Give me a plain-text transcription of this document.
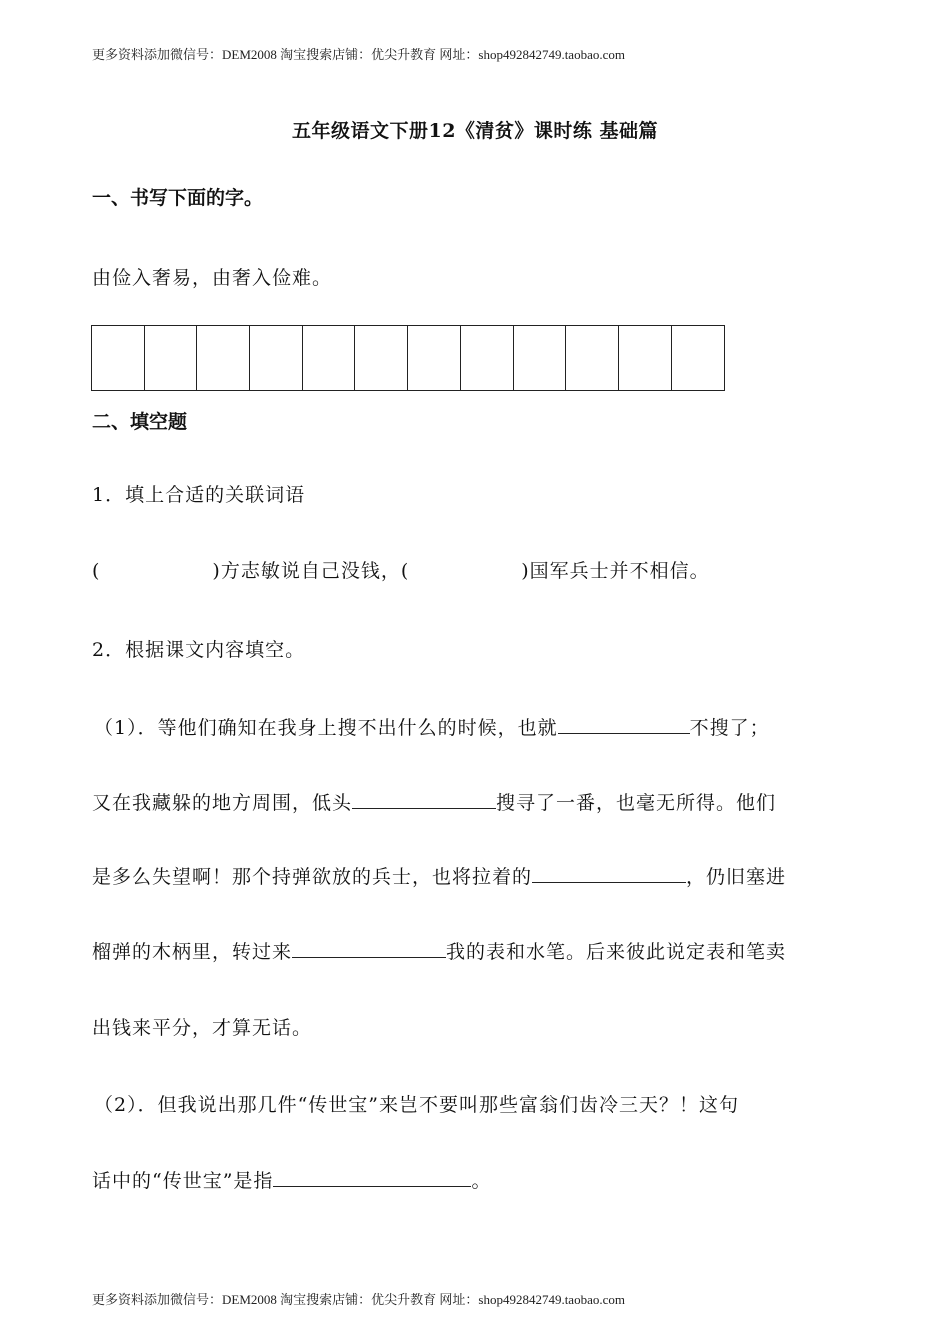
更多资料添加微信号：DEM2008 淘宝搜索店铺：优尖升教育 网址：shop492842749.taobao.com
五年级语文下册12《清贫》课时练 基础篇
一、书写下面的字。
由俭入奢易，由奢入俭难。
二、填空题
1．填上合适的关联词语
(	)方志敏说自己没钱，(	)国军兵士并不相信。
2．根据课文内容填空。
（1）．等他们确知在我身上搜不出什么的时候，也就	不搜了；
又在我藏躲的地方周围，低头	搜寻了一番，也毫无所得。他们
是多么失望啊！那个持弹欲放的兵士，也将拉着的	，仍旧塞进
榴弹的木柄里，转过来	我的表和水笔。后来彼此说定表和笔卖
出钱来平分，才算无话。
（2）．但我说出那几件“传世宝”来岂不要叫那些富翁们齿冷三天？！这句
话中的“传世宝”是指	。
更多资料添加微信号：DEM2008 淘宝搜索店铺：优尖升教育 网址：shop492842749.taobao.com
